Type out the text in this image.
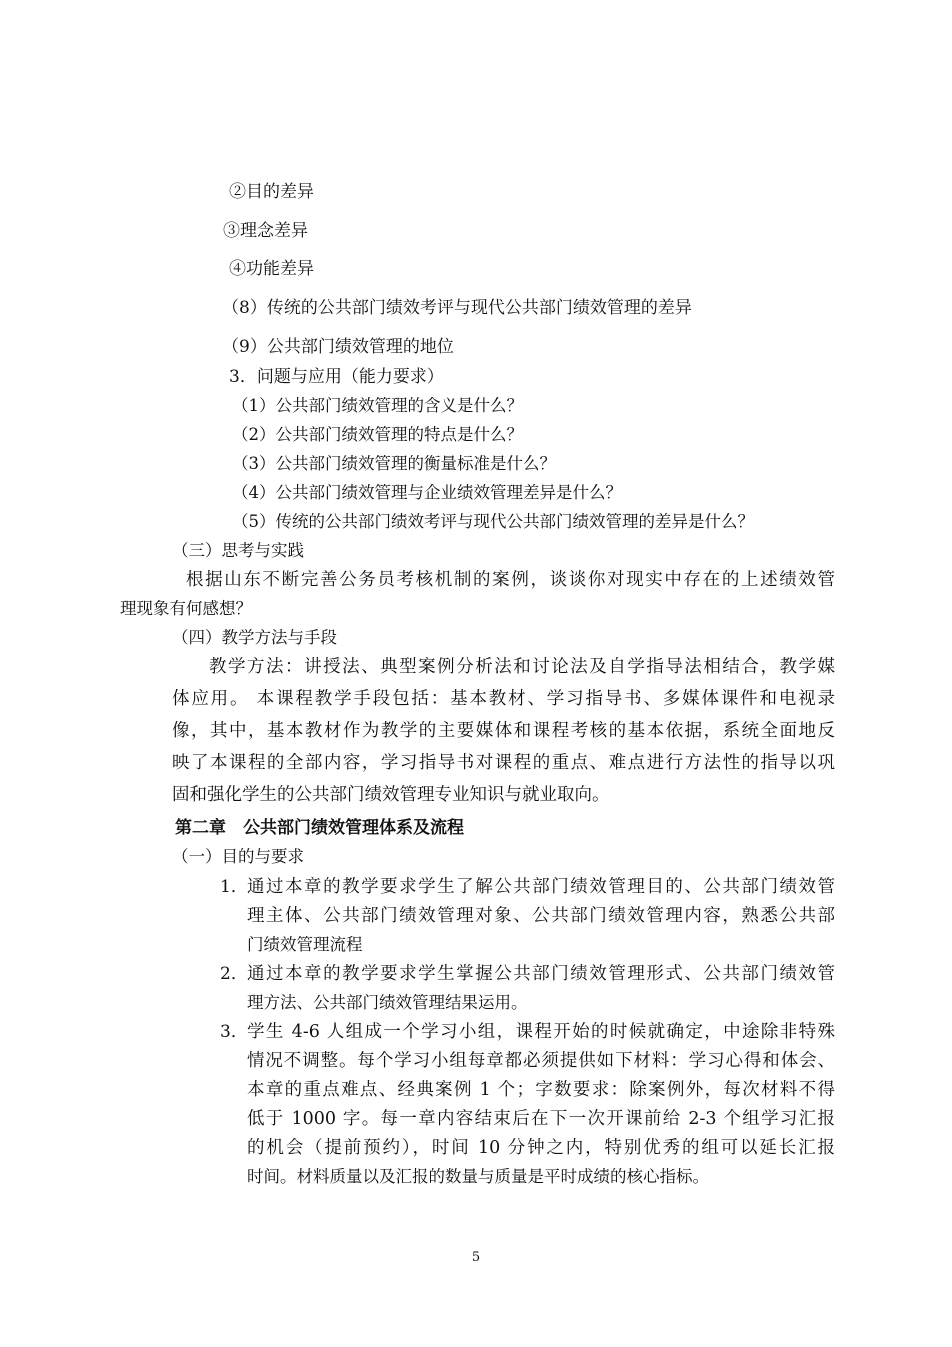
②目的差异
③理念差异
④功能差异
（8）传统的公共部门绩效考评与现代公共部门绩效管理的差异
（9）公共部门绩效管理的地位
3．问题与应用（能力要求）
（1）公共部门绩效管理的含义是什么？
（2）公共部门绩效管理的特点是什么？
（3）公共部门绩效管理的衡量标准是什么？
（4）公共部门绩效管理与企业绩效管理差异是什么？
（5）传统的公共部门绩效考评与现代公共部门绩效管理的差异是什么？
（三）思考与实践
根据山东不断完善公务员考核机制的案例，谈谈你对现实中存在的上述绩效管
理现象有何感想？
（四）教学方法与手段
教学方法：讲授法、典型案例分析法和讨论法及自学指导法相结合，教学媒
体应用。 本课程教学手段包括：基本教材、学习指导书、多媒体课件和电视录
像，其中，基本教材作为教学的主要媒体和课程考核的基本依据，系统全面地反
映了本课程的全部内容，学习指导书对课程的重点、难点进行方法性的指导以巩
固和强化学生的公共部门绩效管理专业知识与就业取向。
第二章　公共部门绩效管理体系及流程
（一）目的与要求
1． 通过本章的教学要求学生了解公共部门绩效管理目的、公共部门绩效管
理主体、公共部门绩效管理对象、公共部门绩效管理内容，熟悉公共部
门绩效管理流程
2． 通过本章的教学要求学生掌握公共部门绩效管理形式、公共部门绩效管
理方法、公共部门绩效管理结果运用。
3． 学生 4-6 人组成一个学习小组，课程开始的时候就确定，中途除非特殊
情况不调整。每个学习小组每章都必须提供如下材料：学习心得和体会、
本章的重点难点、经典案例 1 个；字数要求：除案例外，每次材料不得
低于 1000 字。每一章内容结束后在下一次开课前给 2-3 个组学习汇报
的机会（提前预约），时间 10 分钟之内，特别优秀的组可以延长汇报
时间。材料质量以及汇报的数量与质量是平时成绩的核心指标。
5
